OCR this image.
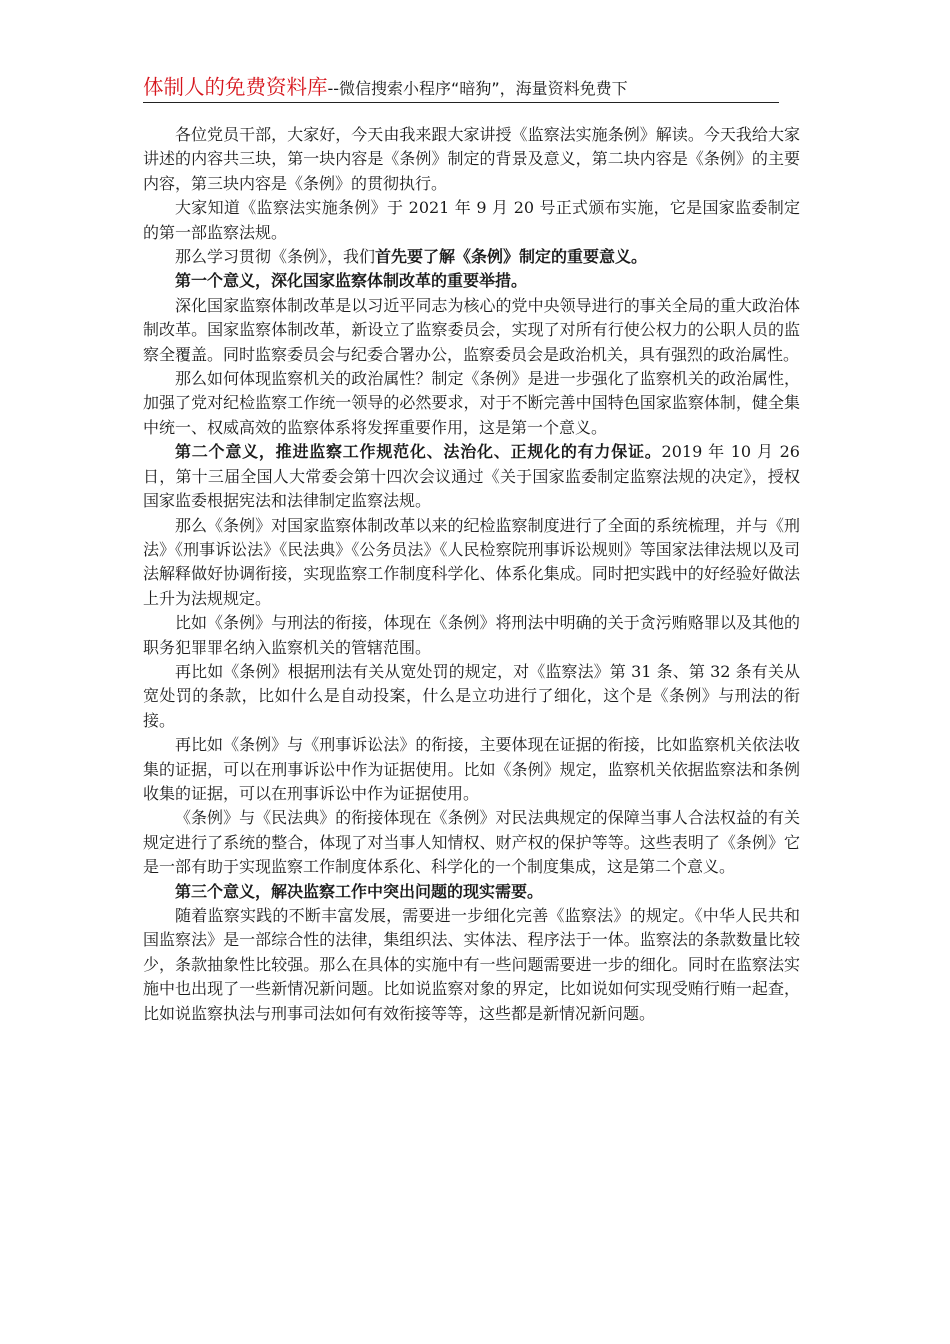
体制人的免费资料库--微信搜索小程序“暗狗”，海量资料免费下

各位党员干部，大家好，今天由我来跟大家讲授《监察法实施条例》解读。今天我给大家讲述的内容共三块，第一块内容是《条例》制定的背景及意义，第二块内容是《条例》的主要内容，第三块内容是《条例》的贯彻执行。

大家知道《监察法实施条例》于 2021 年 9 月 20 号正式颁布实施，它是国家监委制定的第一部监察法规。

那么学习贯彻《条例》，我们首先要了解《条例》制定的重要意义。

第一个意义，深化国家监察体制改革的重要举措。

深化国家监察体制改革是以习近平同志为核心的党中央领导进行的事关全局的重大政治体制改革。国家监察体制改革，新设立了监察委员会，实现了对所有行使公权力的公职人员的监察全覆盖。同时监察委员会与纪委合署办公，监察委员会是政治机关，具有强烈的政治属性。

那么如何体现监察机关的政治属性？制定《条例》是进一步强化了监察机关的政治属性，加强了党对纪检监察工作统一领导的必然要求，对于不断完善中国特色国家监察体制，健全集中统一、权威高效的监察体系将发挥重要作用，这是第一个意义。

第二个意义，推进监察工作规范化、法治化、正规化的有力保证。2019 年 10 月 26 日，第十三届全国人大常委会第十四次会议通过《关于国家监委制定监察法规的决定》，授权国家监委根据宪法和法律制定监察法规。

那么《条例》对国家监察体制改革以来的纪检监察制度进行了全面的系统梳理，并与《刑法》《刑事诉讼法》《民法典》《公务员法》《人民检察院刑事诉讼规则》等国家法律法规以及司法解释做好协调衔接，实现监察工作制度科学化、体系化集成。同时把实践中的好经验好做法上升为法规规定。

比如《条例》与刑法的衔接，体现在《条例》将刑法中明确的关于贪污贿赂罪以及其他的职务犯罪罪名纳入监察机关的管辖范围。

再比如《条例》根据刑法有关从宽处罚的规定，对《监察法》第 31 条、第 32 条有关从宽处罚的条款，比如什么是自动投案，什么是立功进行了细化，这个是《条例》与刑法的衔接。

再比如《条例》与《刑事诉讼法》的衔接，主要体现在证据的衔接，比如监察机关依法收集的证据，可以在刑事诉讼中作为证据使用。比如《条例》规定，监察机关依据监察法和条例收集的证据，可以在刑事诉讼中作为证据使用。

《条例》与《民法典》的衔接体现在《条例》对民法典规定的保障当事人合法权益的有关规定进行了系统的整合，体现了对当事人知情权、财产权的保护等等。这些表明了《条例》它是一部有助于实现监察工作制度体系化、科学化的一个制度集成，这是第二个意义。

第三个意义，解决监察工作中突出问题的现实需要。

随着监察实践的不断丰富发展，需要进一步细化完善《监察法》的规定。《中华人民共和国监察法》是一部综合性的法律，集组织法、实体法、程序法于一体。监察法的条款数量比较少，条款抽象性比较强。那么在具体的实施中有一些问题需要进一步的细化。同时在监察法实施中也出现了一些新情况新问题。比如说监察对象的界定，比如说如何实现受贿行贿一起查，比如说监察执法与刑事司法如何有效衔接等等，这些都是新情况新问题。
